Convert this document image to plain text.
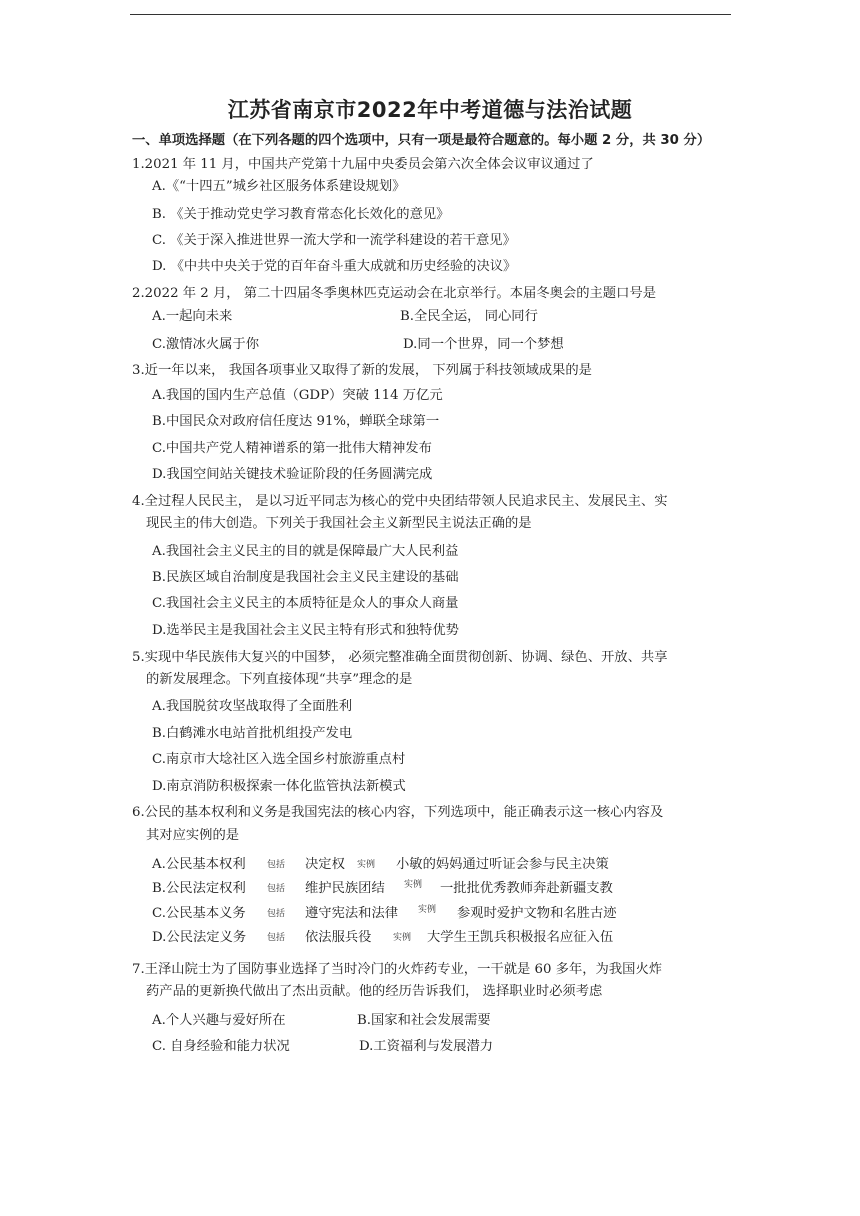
江苏省南京市2022年中考道德与法治试题
一、单项选择题（在下列各题的四个选项中，只有一项是最符合题意的。每小题 2 分，共 30 分）
1.2021 年 11 月，中国共产党第十九届中央委员会第六次全体会议审议通过了
A.《“十四五”城乡社区服务体系建设规划》
B. 《关于推动党史学习教育常态化长效化的意见》
C. 《关于深入推进世界一流大学和一流学科建设的若干意见》
D. 《中共中央关于党的百年奋斗重大成就和历史经验的决议》
2.2022 年 2 月， 第二十四届冬季奥林匹克运动会在北京举行。本届冬奥会的主题口号是
A.一起向未来	B.全民全运， 同心同行
C.激情冰火属于你	D.同一个世界，同一个梦想
3.近一年以来， 我国各项事业又取得了新的发展， 下列属于科技领域成果的是
A.我国的国内生产总值（GDP）突破 114 万亿元
B.中国民众对政府信任度达 91%，蝉联全球第一
C.中国共产党人精神谱系的第一批伟大精神发布
D.我国空间站关键技术验证阶段的任务圆满完成
4.全过程人民民主， 是以习近平同志为核心的党中央团结带领人民追求民主、发展民主、实
现民主的伟大创造。下列关于我国社会主义新型民主说法正确的是
A.我国社会主义民主的目的就是保障最广大人民利益
B.民族区域自治制度是我国社会主义民主建设的基础
C.我国社会主义民主的本质特征是众人的事众人商量
D.选举民主是我国社会主义民主特有形式和独特优势
5.实现中华民族伟大复兴的中国梦， 必须完整准确全面贯彻创新、协调、绿色、开放、共享
的新发展理念。下列直接体现“共享”理念的是
A.我国脱贫攻坚战取得了全面胜利
B.白鹤滩水电站首批机组投产发电
C.南京市大埝社区入选全国乡村旅游重点村
D.南京消防积极探索一体化监管执法新模式
6.公民的基本权利和义务是我国宪法的核心内容，下列选项中，能正确表示这一核心内容及
其对应实例的是
A.公民基本权利 包括 决定权 实例 小敏的妈妈通过听证会参与民主决策
B.公民法定权利 包括 维护民族团结 实例 一批批优秀教师奔赴新疆支教
C.公民基本义务 包括 遵守宪法和法律 实例 参观时爱护文物和名胜古迹
D.公民法定义务 包括 依法服兵役 实例 大学生王凯兵积极报名应征入伍
7.王泽山院士为了国防事业选择了当时冷门的火炸药专业，一干就是 60 多年，为我国火炸
药产品的更新换代做出了杰出贡献。他的经历告诉我们， 选择职业时必须考虑
A.个人兴趣与爱好所在	B.国家和社会发展需要
C. 自身经验和能力状况	D.工资福利与发展潜力
